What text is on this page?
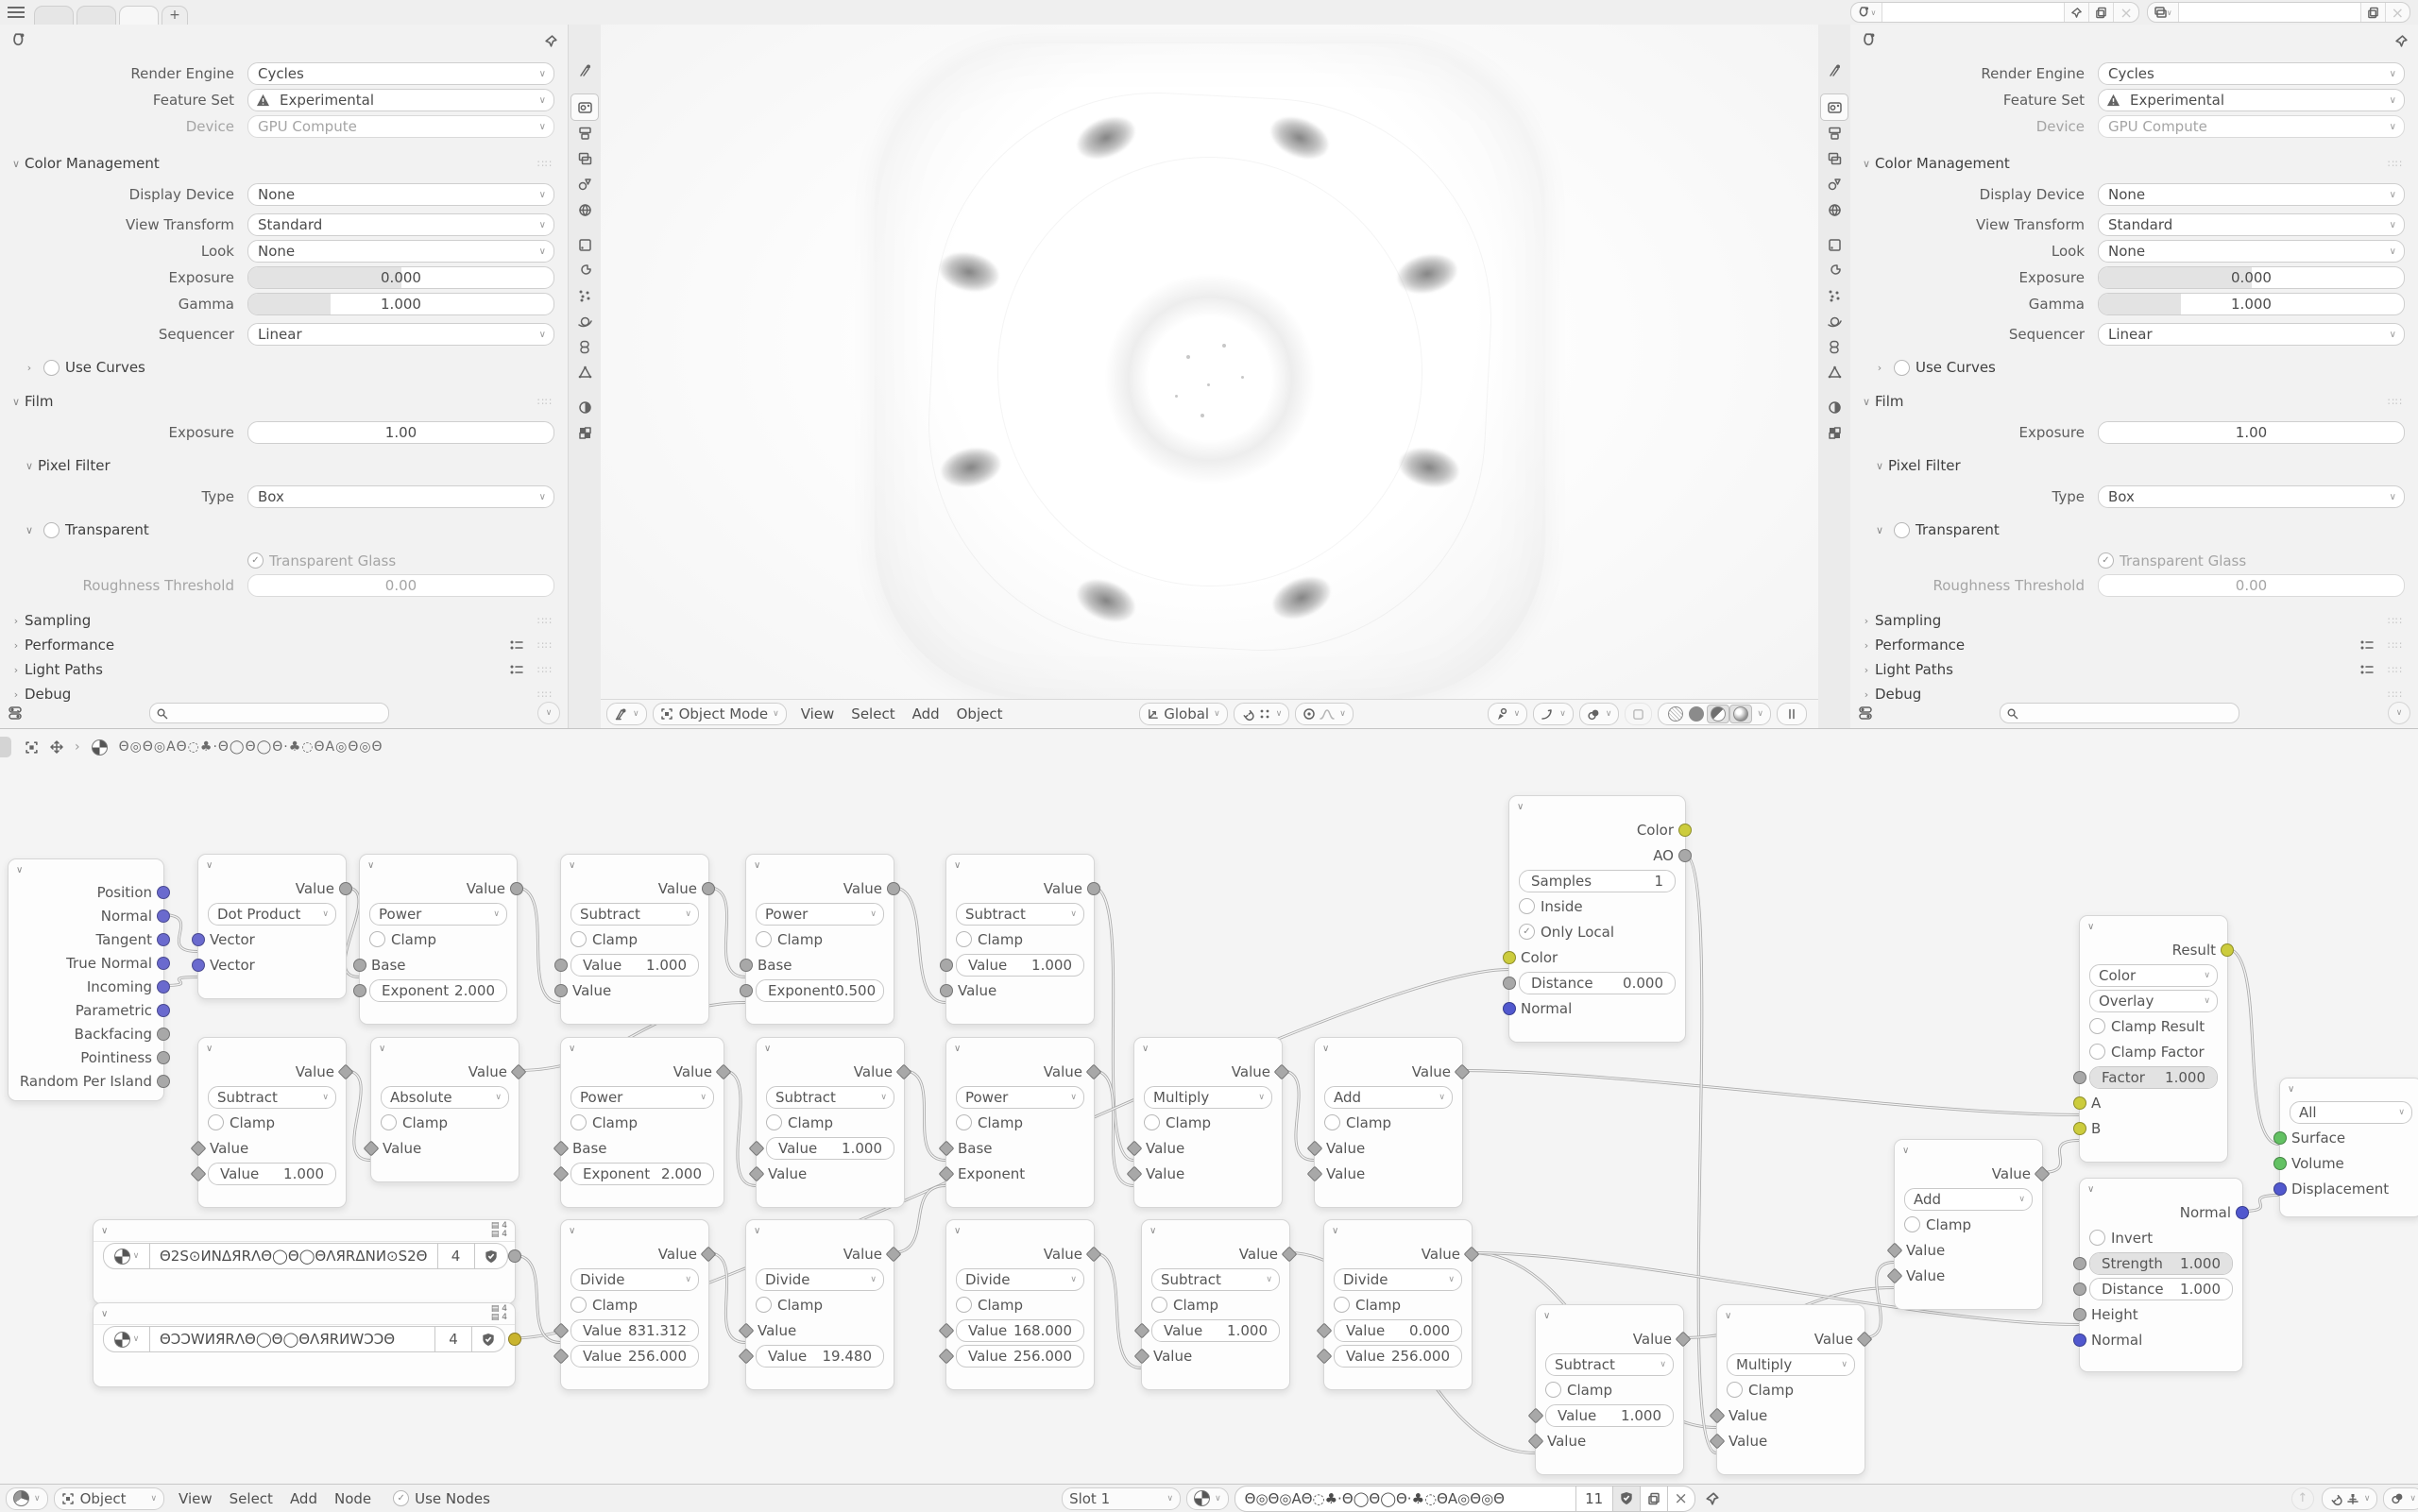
+	∨	×	∨	×
Render Engine	Cycles	∨
Feature Set	Experimental	∨
Device	GPU Compute	∨
∨ Color Management	∷∷
Display Device	None	∨
View Transform	Standard	∨
Look	None	∨
Exposure	0.000
Gamma	1.000
Sequencer	Linear	∨
›	Use Curves
∨ Film	∷∷
Exposure	1.00
∨ Pixel Filter
Type	Box	∨
∨	Transparent
✓ Transparent Glass
Roughness Threshold	0.00
› Sampling	∷∷
› Performance	∷∷
› Light Paths	∷∷
› Debug	∷∷
∨	∨	Object Mode ∨	View	Select	Add	Object	Global ∨	∨	∨	∨	∨	∨	∨
Render Engine	Cycles	∨
Feature Set	Experimental	∨
Device	GPU Compute	∨
∨ Color Management	∷∷
Display Device	None	∨
View Transform	Standard	∨
Look	None	∨
Exposure	0.000
Gamma	1.000
Sequencer	Linear	∨
›	Use Curves
∨ Film	∷∷
Exposure	1.00
∨ Pixel Filter
Type	Box	∨
∨	Transparent
✓ Transparent Glass
Roughness Threshold	0.00
› Sampling	∷∷
› Performance	∷∷
› Light Paths	∷∷
› Debug	∷∷
∨
∨
Position
Normal
Tangent
True Normal
Incoming
Parametric
Backfacing
Pointiness
Random Per Island
∨
Value
Dot Product	∨
Vector
Vector
∨
Value
Power	∨
Clamp
Base
Exponent 2.000
∨
Value
Subtract	∨
Clamp
Value 1.000
Value
∨
Value
Power	∨
Clamp
Base
Exponent 0.500
∨
Value
Subtract	∨
Clamp
Value 1.000
Value
∨
Value
Subtract	∨
Clamp
Value
Value 1.000
∨
Value
Absolute	∨
Clamp
Value
∨
Value
Power	∨
Clamp
Base
Exponent 2.000
∨
Value
Subtract	∨
Clamp
Value 1.000
Value
∨
Value
Power	∨
Clamp
Base
Exponent
∨
Value
Multiply	∨
Clamp
Value
Value
∨
Value
Add	∨
Clamp
Value
Value
∨	▤ 4
▤ 4
∨	Θ2S⊙ИNΔЯRΛΘ◯Θ◯ΘΛЯRΔNИ⊙S2Θ	4
∨	▤ 4
▤ 4
∨	ΘƆƆWИЯRΛΘ◯Θ◯ΘΛЯRИWƆƆΘ	4
∨
Value
Divide	∨
Clamp
Value 831.312
Value 256.000
∨
Value
Divide	∨
Clamp
Value
Value 19.480
∨
Value
Divide	∨
Clamp
Value 168.000
Value 256.000
∨
Value
Subtract	∨
Clamp
Value 1.000
Value
∨
Value
Divide	∨
Clamp
Value 0.000
Value 256.000
∨
Value
Subtract	∨
Clamp
Value 1.000
Value
∨
Value
Multiply	∨
Clamp
Value
Value
∨
Color
AO
Samples	1
Inside
✓ Only Local
Color
Distance 0.000
Normal
∨
Value
Add	∨
Clamp
Value
Value
∨
Result
Color	∨
Overlay	∨
Clamp Result
Clamp Factor
Factor 1.000
A
B
∨
Normal
Invert
Strength 1.000
Distance 1.000
Height
Normal
∨
All	∨
Surface
Volume
Displacement
›	Θ◎Θ◎AΘ◌♣·Θ◯Θ◯Θ·♣◌ΘA◎Θ◎Θ
∨	Object	∨	View	Select	Add	Node	✓ Use Nodes	Slot 1	∨	∨	Θ◎Θ◎AΘ◌♣·Θ◯Θ◯Θ·♣◌ΘA◎Θ◎Θ	11	×	↑	∨	∨
